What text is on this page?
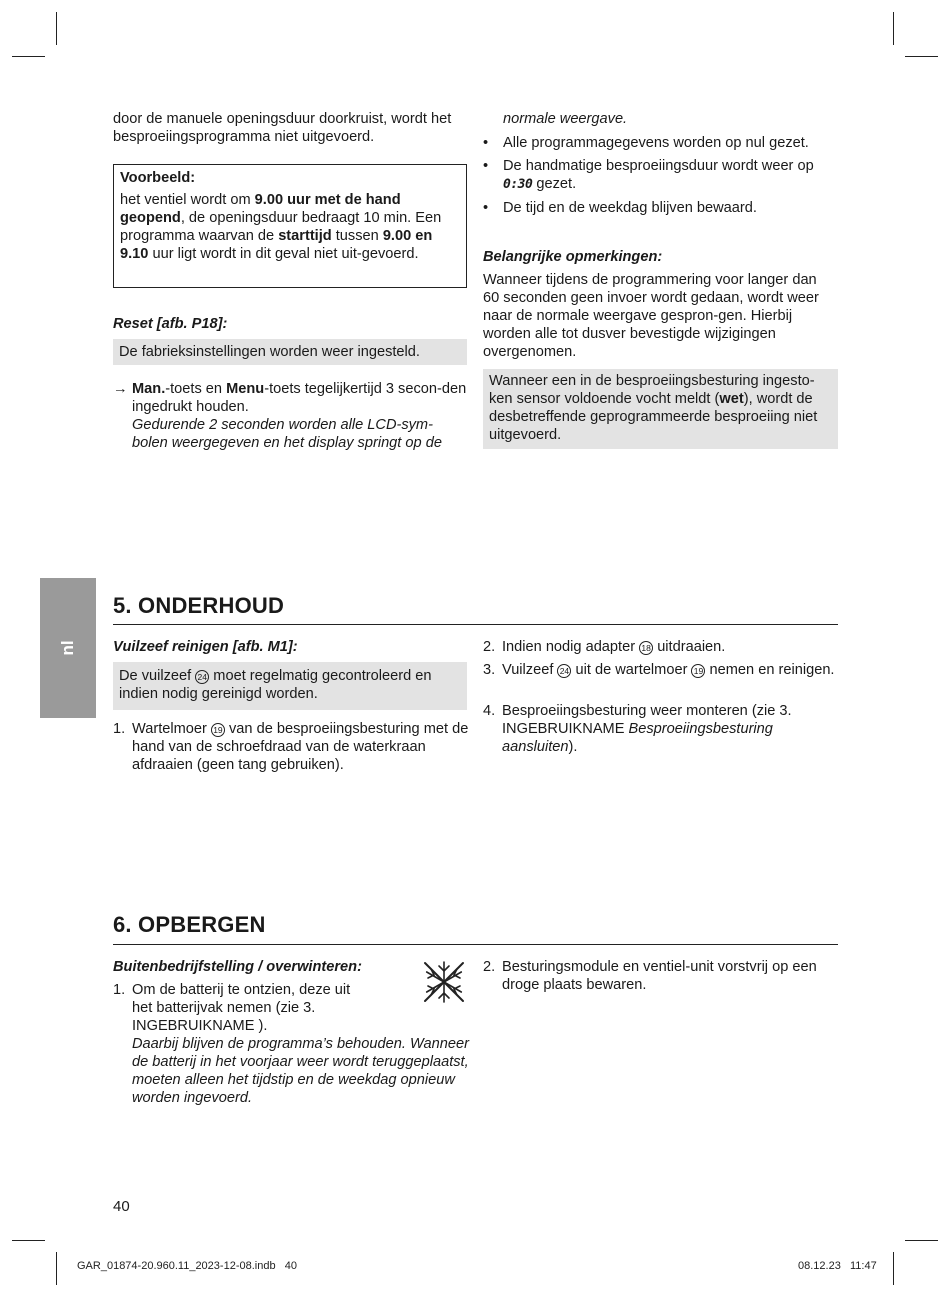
door de manuele openingsduur doorkruist, wordt het besproeiingsprogramma niet uitgevoerd.
Voorbeeld:
het ventiel wordt om 9.00 uur met de hand geopend, de openingsduur bedraagt 10 min. Een programma waarvan de starttijd tussen 9.00 en 9.10 uur ligt wordt in dit geval niet uit-gevoerd.
Reset [afb. P18]:
De fabrieksinstellingen worden weer ingesteld.
→ Man.-toets en Menu-toets tegelijkertijd 3 secon-den ingedrukt houden.
Gedurende 2 seconden worden alle LCD-sym-bolen weergegeven en het display springt op de
normale weergave.
• Alle programmagegevens worden op nul gezet.
• De handmatige besproeiingsduur wordt weer op
0:30 gezet.
• De tijd en de weekdag blijven bewaard.
Belangrijke opmerkingen:
Wanneer tijdens de programmering voor langer dan 60 seconden geen invoer wordt gedaan, wordt weer naar de normale weergave gespron-gen. Hierbij worden alle tot dusver bevestigde wijzigingen overgenomen.
Wanneer een in de besproeiingsbesturing ingesto-ken sensor voldoende vocht meldt (wet), wordt de desbetreffende geprogrammeerde besproeiing niet uitgevoerd.
nl
5. ONDERHOUD
Vuilzeef reinigen [afb. M1]:
De vuilzeef 24 moet regelmatig gecontroleerd en indien nodig gereinigd worden.
1. Wartelmoer 19 van de besproeiingsbesturing met de hand van de schroefdraad van de waterkraan afdraaien (geen tang gebruiken).
2. Indien nodig adapter 18 uitdraaien.
3. Vuilzeef 24 uit de wartelmoer 19 nemen en reinigen.
4. Besproeiingsbesturing weer monteren (zie 3. INGEBRUIKNAME Besproeiingsbesturing aansluiten).
6. OPBERGEN
Buitenbedrijfstelling / overwinteren:
1. Om de batterij te ontzien, deze uit het batterijvak nemen (zie 3. INGEBRUIKNAME ).
Daarbij blijven de programma’s behouden. Wanneer de batterij in het voorjaar weer wordt teruggeplaatst, moeten alleen het tijdstip en de weekdag opnieuw worden ingevoerd.
2. Besturingsmodule en ventiel-unit vorstvrij op een droge plaats bewaren.
40
GAR_01874-20.960.11_2023-12-08.indb   40	08.12.23   11:47
